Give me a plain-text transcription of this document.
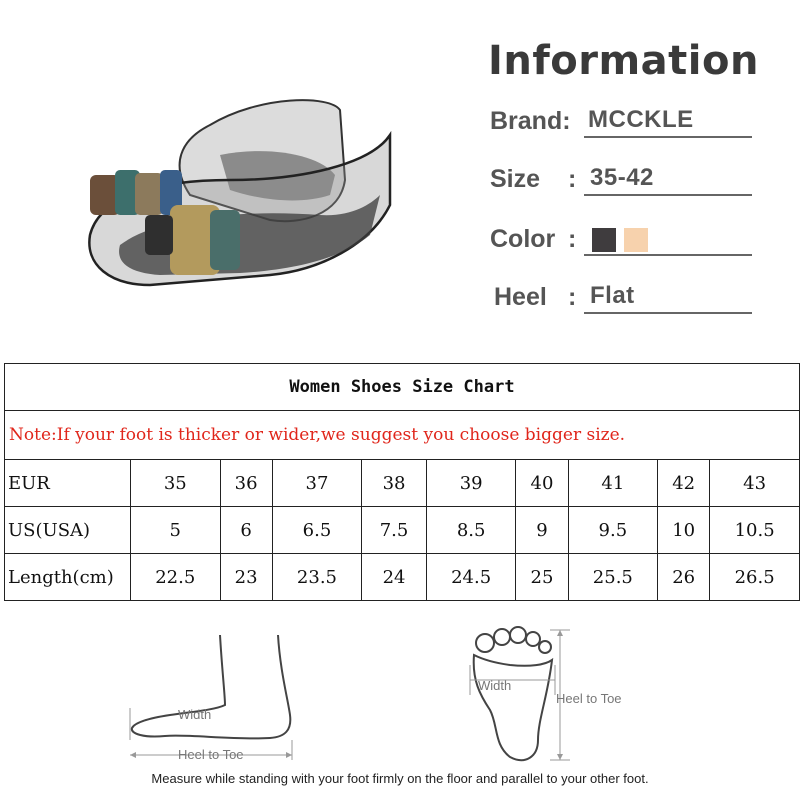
Information
Brand: MCCKLE
Size : 35-42
Color :
Heel : Flat
Women Shoes Size Chart									
Note:If your foot is thicker or wider,we suggest you choose bigger size.									
EUR	35	36	37	38	39	40	41	42	43
US(USA)	5	6	6.5	7.5	8.5	9	9.5	10	10.5
Length(cm)	22.5	23	23.5	24	24.5	25	25.5	26	26.5
Width
Heel to Toe
Width
Heel to Toe
Measure while standing with your foot firmly on the floor and parallel to your other foot.
